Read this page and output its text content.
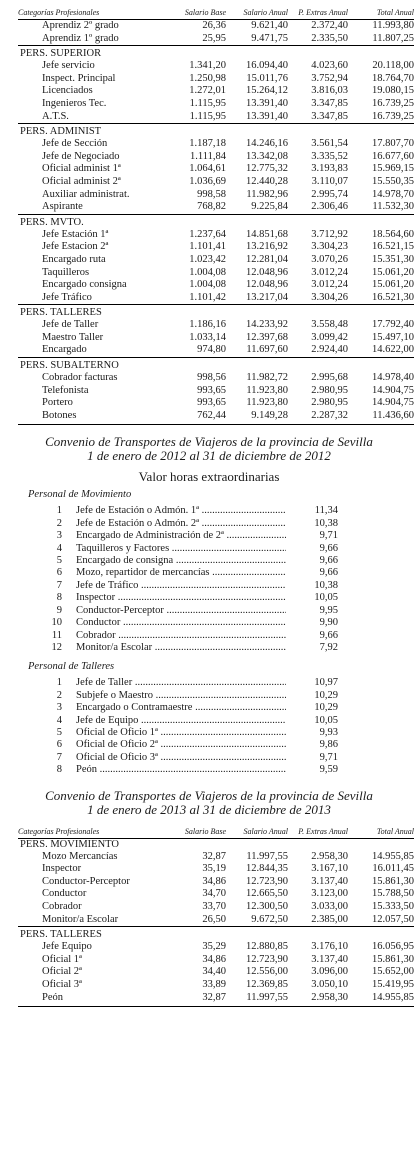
Categorías Profesionales	Salario Base	Salario Anual	P. Extras Anual	Total Anual
Aprendiz 2º grado	26,36	9.621,40	2.372,40	11.993,80
Aprendiz 1º grado	25,95	9.471,75	2.335,50	11.807,25
PERS. SUPERIOR				
Jefe servicio	1.341,20	16.094,40	4.023,60	20.118,00
Inspect. Principal	1.250,98	15.011,76	3.752,94	18.764,70
Licenciados	1.272,01	15.264,12	3.816,03	19.080,15
Ingenieros Tec.	1.115,95	13.391,40	3.347,85	16.739,25
A.T.S.	1.115,95	13.391,40	3.347,85	16.739,25
PERS. ADMINIST				
Jefe de Sección	1.187,18	14.246,16	3.561,54	17.807,70
Jefe de Negociado	1.111,84	13.342,08	3.335,52	16.677,60
Oficial administ 1ª	1.064,61	12.775,32	3.193,83	15.969,15
Oficial administ 2ª	1.036,69	12.440,28	3.110,07	15.550,35
Auxiliar administrat.	998,58	11.982,96	2.995,74	14.978,70
Aspirante	768,82	9.225,84	2.306,46	11.532,30
PERS. MVTO.				
Jefe Estación 1ª	1.237,64	14.851,68	3.712,92	18.564,60
Jefe Estacion 2ª	1.101,41	13.216,92	3.304,23	16.521,15
Encargado ruta	1.023,42	12.281,04	3.070,26	15.351,30
Taquilleros	1.004,08	12.048,96	3.012,24	15.061,20
Encargado consigna	1.004,08	12.048,96	3.012,24	15.061,20
Jefe Tráfico	1.101,42	13.217,04	3.304,26	16.521,30
PERS. TALLERES				
Jefe de Taller	1.186,16	14.233,92	3.558,48	17.792,40
Maestro Taller	1.033,14	12.397,68	3.099,42	15.497,10
Encargado	974,80	11.697,60	2.924,40	14.622,00
PERS. SUBALTERNO				
Cobrador facturas	998,56	11.982,72	2.995,68	14.978,40
Telefonista	993,65	11.923,80	2.980,95	14.904,75
Portero	993,65	11.923,80	2.980,95	14.904,75
Botones	762,44	9.149,28	2.287,32	11.436,60
Convenio de Transportes de Viajeros de la provincia de Sevilla
1 de enero de 2012 al 31 de diciembre de 2012
Valor horas extraordinarias
Personal de Movimiento
1	Jefe de Estación o Admón. 1ª .....	11,34
2	Jefe de Estación o Admón. 2ª .....	10,38
3	Encargado de Administración de 2ª .....	9,71
4	Taquilleros y Factores .....	9,66
5	Encargado de consigna .....	9,66
6	Mozo, repartidor de mercancías .....	9,66
7	Jefe de Tráfico .....	10,38
8	Inspector .....	10,05
9	Conductor-Perceptor .....	9,95
10	Conductor .....	9,90
11	Cobrador .....	9,66
12	Monitor/a Escolar .....	7,92
Personal de Talleres
1	Jefe de Taller .....	10,97
2	Subjefe o Maestro .....	10,29
3	Encargado o Contramaestre .....	10,29
4	Jefe de Equipo .....	10,05
5	Oficial de Oficio 1ª .....	9,93
6	Oficial de Oficio 2ª .....	9,86
7	Oficial de Oficio 3ª .....	9,71
8	Peón .....	9,59
Convenio de Transportes de Viajeros de la provincia de Sevilla
1 de enero de 2013 al 31 de diciembre de 2013
Categorías Profesionales	Salario Base	Salario Anual	P. Extras Anual	Total Anual
PERS. MOVIMIENTO				
Mozo Mercancías	32,87	11.997,55	2.958,30	14.955,85
Inspector	35,19	12.844,35	3.167,10	16.011,45
Conductor-Perceptor	34,86	12.723,90	3.137,40	15.861,30
Conductor	34,70	12.665,50	3.123,00	15.788,50
Cobrador	33,70	12.300,50	3.033,00	15.333,50
Monitor/a Escolar	26,50	9.672,50	2.385,00	12.057,50
PERS. TALLERES				
Jefe Equipo	35,29	12.880,85	3.176,10	16.056,95
Oficial 1ª	34,86	12.723,90	3.137,40	15.861,30
Oficial 2ª	34,40	12.556,00	3.096,00	15.652,00
Oficial 3ª	33,89	12.369,85	3.050,10	15.419,95
Peón	32,87	11.997,55	2.958,30	14.955,85
